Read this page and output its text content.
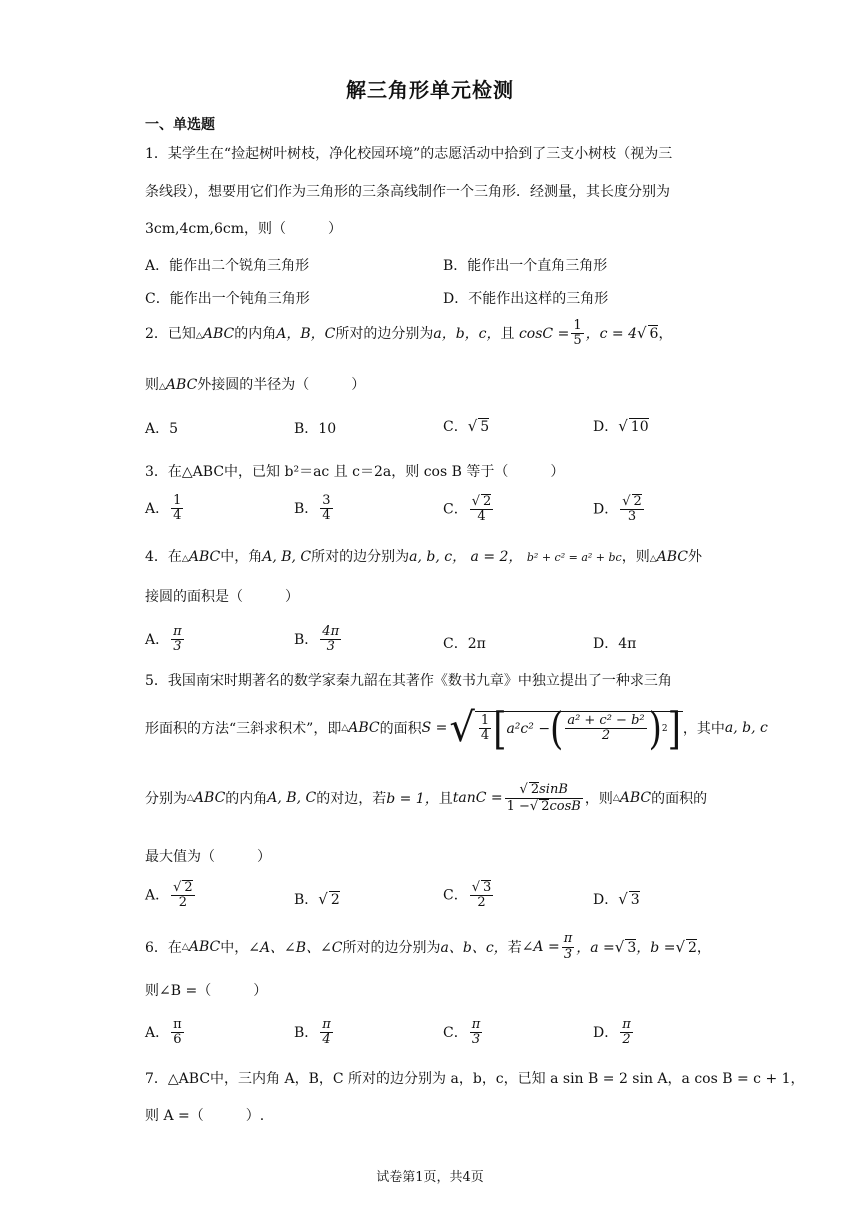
解三角形单元检测
一、单选题
1．某学生在“捡起树叶树枝，净化校园环境”的志愿活动中拾到了三支小树枝（视为三
条线段），想要用它们作为三角形的三条高线制作一个三角形．经测量，其长度分别为
3cm,4cm,6cm，则（　　　）
A．能作出二个锐角三角形	B．能作出一个直角三角形
C．能作出一个钝角三角形	D．不能作出这样的三角形
2．已知△ABC的内角A，B，C所对的边分别为a，b，c，且 $\cos C = \frac{1}{5}$ ，c = 4√ 6，
则△ABC外接圆的半径为（　　　）
A．5	B．10	C．√ 5	D．√ 10
3．在△ABC中，已知 b²＝ac 且 c＝2a，则 cos B 等于（　　　）
A． $\frac{1}{4}$	B． $\frac{3}{4}$	C． $\frac{√ 2}{4}$	D． $\frac{√ 2}{3}$
4．在△ABC中，角A, B, C所对的边分别为a, b, c， a = 2， b² + c² = a² + bc，则△ABC外
接圆的面积是（　　　）
A． $\frac{\pi}{3}$	B． $\frac{4\pi}{3}$	C．2π	D．4π
5．我国南宋时期著名的数学家秦九韶在其著作《数书九章》中独立提出了一种求三角
形面积的方法“三斜求积术”，即 △ ABC 的面积 S = √ $\frac{1}{4}$ [ a²c² − ( $\frac{\text{a² + c² − b²}}{2}$ ) 2 ] ，其中 a, b, c
分别为 △ ABC 的内角 A, B, C 的对边，若 b = 1， 且 $\tan C = \frac{√ 2\sin B}{1 -√ 2\cos B}$ ，则 △ ABC 的面积的
最大值为（　　　）
A． $\frac{√ 2}{2}$	B．√ 2	C． $\frac{√ 3}{2}$	D．√ 3
6．在 △ ABC 中， ∠A、∠B、∠C 所对的边分别为 a、b、c， 若 ∠A = $\frac{\pi}{3}$ ，a = √ 3 ，b = √ 2 ，
则∠B =（　　　）
A． $\frac{\pi}{6}$	B． $\frac{\pi}{4}$	C． $\frac{\pi}{3}$	D． $\frac{\pi}{2}$
7．△ABC中，三内角 A，B，C 所对的边分别为 a，b，c，已知 a sin B = 2 sin A，a cos B = c + 1，
则 A =（　　　）.
试卷第1页，共4页
